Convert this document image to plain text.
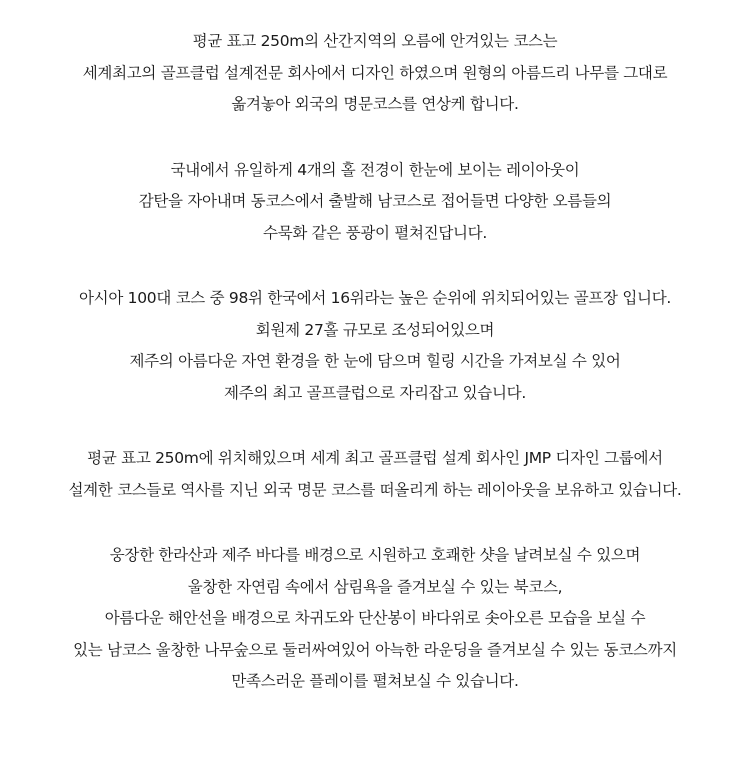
평균 표고 250m의 산간지역의 오름에 안겨있는 코스는
세계최고의 골프클럽 설계전문 회사에서 디자인 하였으며 원형의 아름드리 나무를 그대로
옮겨놓아 외국의 명문코스를 연상케 합니다.

국내에서 유일하게 4개의 홀 전경이 한눈에 보이는 레이아웃이
감탄을 자아내며 동코스에서 출발해 남코스로 접어들면 다양한 오름들의
수묵화 같은 풍광이 펼쳐진답니다.

아시아 100대 코스 중 98위 한국에서 16위라는 높은 순위에 위치되어있는 골프장 입니다.
회원제 27홀 규모로 조성되어있으며
제주의 아름다운 자연 환경을 한 눈에 담으며 힐링 시간을 가져보실 수 있어
제주의 최고 골프클럽으로 자리잡고 있습니다.

평균 표고 250m에 위치해있으며 세계 최고 골프클럽 설계 회사인 JMP 디자인 그룹에서
설계한 코스들로 역사를 지닌 외국 명문 코스를 떠올리게 하는 레이아웃을 보유하고 있습니다.

웅장한 한라산과 제주 바다를 배경으로 시원하고 호쾌한 샷을 날려보실 수 있으며
울창한 자연림 속에서 삼림욕을 즐겨보실 수 있는 북코스,
아름다운 해안선을 배경으로 차귀도와 단산봉이 바다위로 솟아오른 모습을 보실 수
있는 남코스 울창한 나무숲으로 둘러싸여있어 아늑한 라운딩을 즐겨보실 수 있는 동코스까지
만족스러운 플레이를 펼쳐보실 수 있습니다.
